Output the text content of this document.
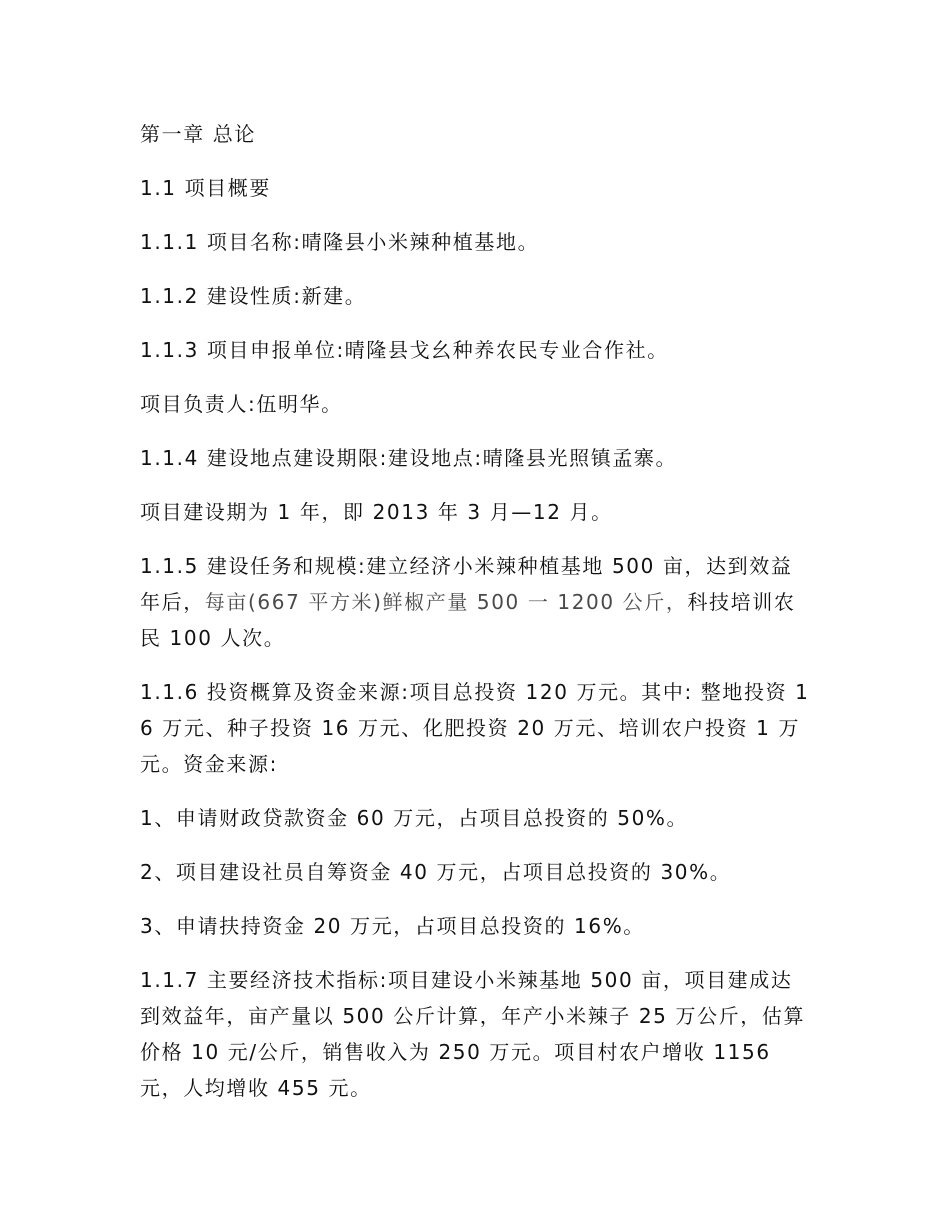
第一章 总论

1.1 项目概要

1.1.1 项目名称:晴隆县小米辣种植基地。

1.1.2 建设性质:新建。

1.1.3 项目申报单位:晴隆县戈幺种养农民专业合作社。

项目负责人:伍明华。

1.1.4 建设地点建设期限:建设地点:晴隆县光照镇孟寨。

项目建设期为 1 年，即 2013 年 3 月—12 月。

1.1.5 建设任务和规模:建立经济小米辣种植基地 500 亩，达到效益年后，每亩(667 平方米)鲜椒产量 500 一 1200 公斤，科技培训农民 100 人次。

1.1.6 投资概算及资金来源:项目总投资 120 万元。其中: 整地投资 16 万元、种子投资 16 万元、化肥投资 20 万元、培训农户投资 1 万元。资金来源:

1、申请财政贷款资金 60 万元，占项目总投资的 50%。

2、项目建设社员自筹资金 40 万元，占项目总投资的 30%。

3、申请扶持资金 20 万元，占项目总投资的 16%。

1.1.7 主要经济技术指标:项目建设小米辣基地 500 亩，项目建成达到效益年，亩产量以 500 公斤计算，年产小米辣子 25 万公斤，估算价格 10 元/公斤，销售收入为 250 万元。项目村农户增收 1156 元，人均增收 455 元。
